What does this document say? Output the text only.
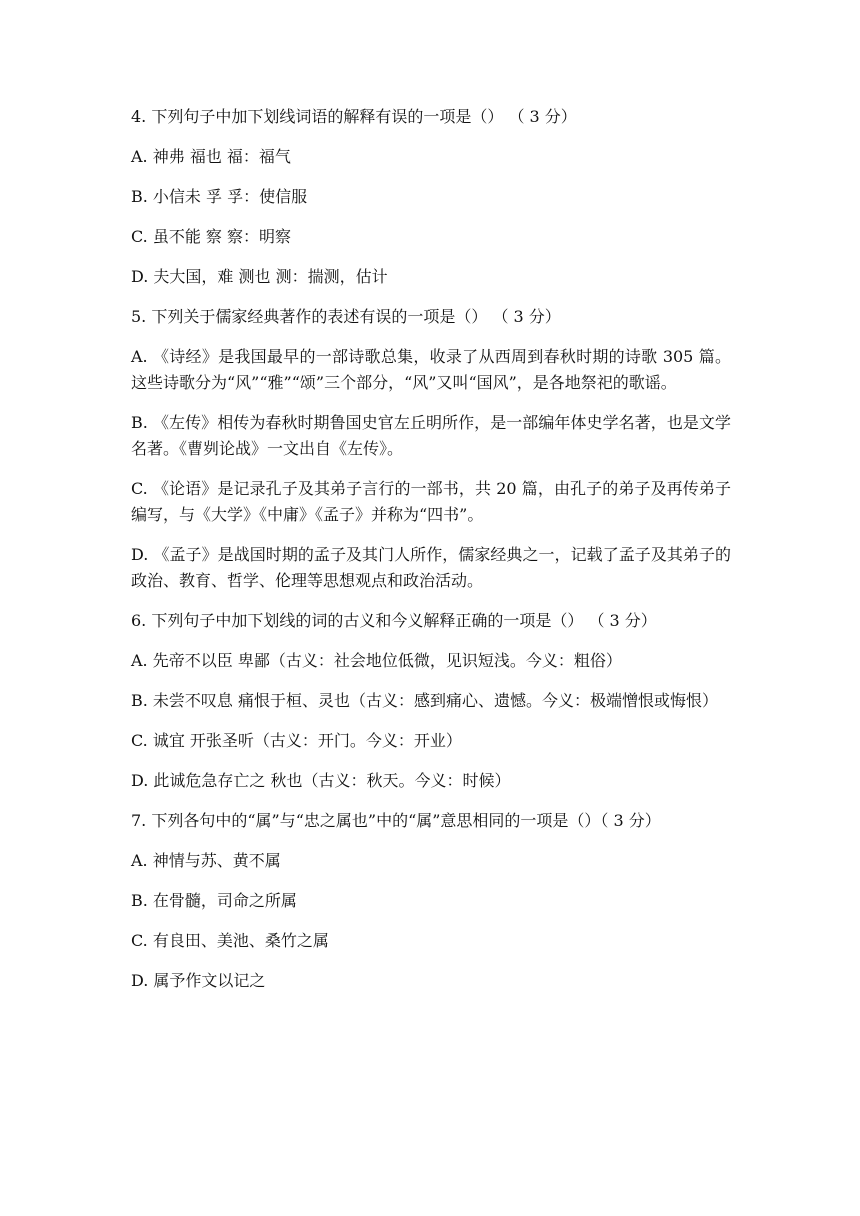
4. 下列句子中加下划线词语的解释有误的一项是（） （ 3 分）

A. 神弗 福也 福：福气

B. 小信未 孚 孚：使信服

C. 虽不能 察 察：明察

D. 夫大国，难 测也 测：揣测，估计

5. 下列关于儒家经典著作的表述有误的一项是（） （ 3 分）

A. 《诗经》是我国最早的一部诗歌总集，收录了从西周到春秋时期的诗歌 305 篇。这些诗歌分为“风”“雅”“颂”三个部分，“风”又叫“国风”，是各地祭祀的歌谣。

B. 《左传》相传为春秋时期鲁国史官左丘明所作，是一部编年体史学名著，也是文学名著。《曹刿论战》一文出自《左传》。

C. 《论语》是记录孔子及其弟子言行的一部书，共 20 篇，由孔子的弟子及再传弟子编写，与《大学》《中庸》《孟子》并称为“四书”。

D. 《孟子》是战国时期的孟子及其门人所作，儒家经典之一，记载了孟子及其弟子的政治、教育、哲学、伦理等思想观点和政治活动。

6. 下列句子中加下划线的词的古义和今义解释正确的一项是（） （ 3 分）

A. 先帝不以臣 卑鄙（古义：社会地位低微，见识短浅。今义：粗俗）

B. 未尝不叹息 痛恨于桓、灵也（古义：感到痛心、遗憾。今义：极端憎恨或悔恨）

C. 诚宜 开张圣听（古义：开门。今义：开业）

D. 此诚危急存亡之 秋也（古义：秋天。今义：时候）

7. 下列各句中的“属”与“忠之属也”中的“属”意思相同的一项是（）（ 3 分）

A. 神情与苏、黄不属

B. 在骨髓，司命之所属

C. 有良田、美池、桑竹之属

D. 属予作文以记之
